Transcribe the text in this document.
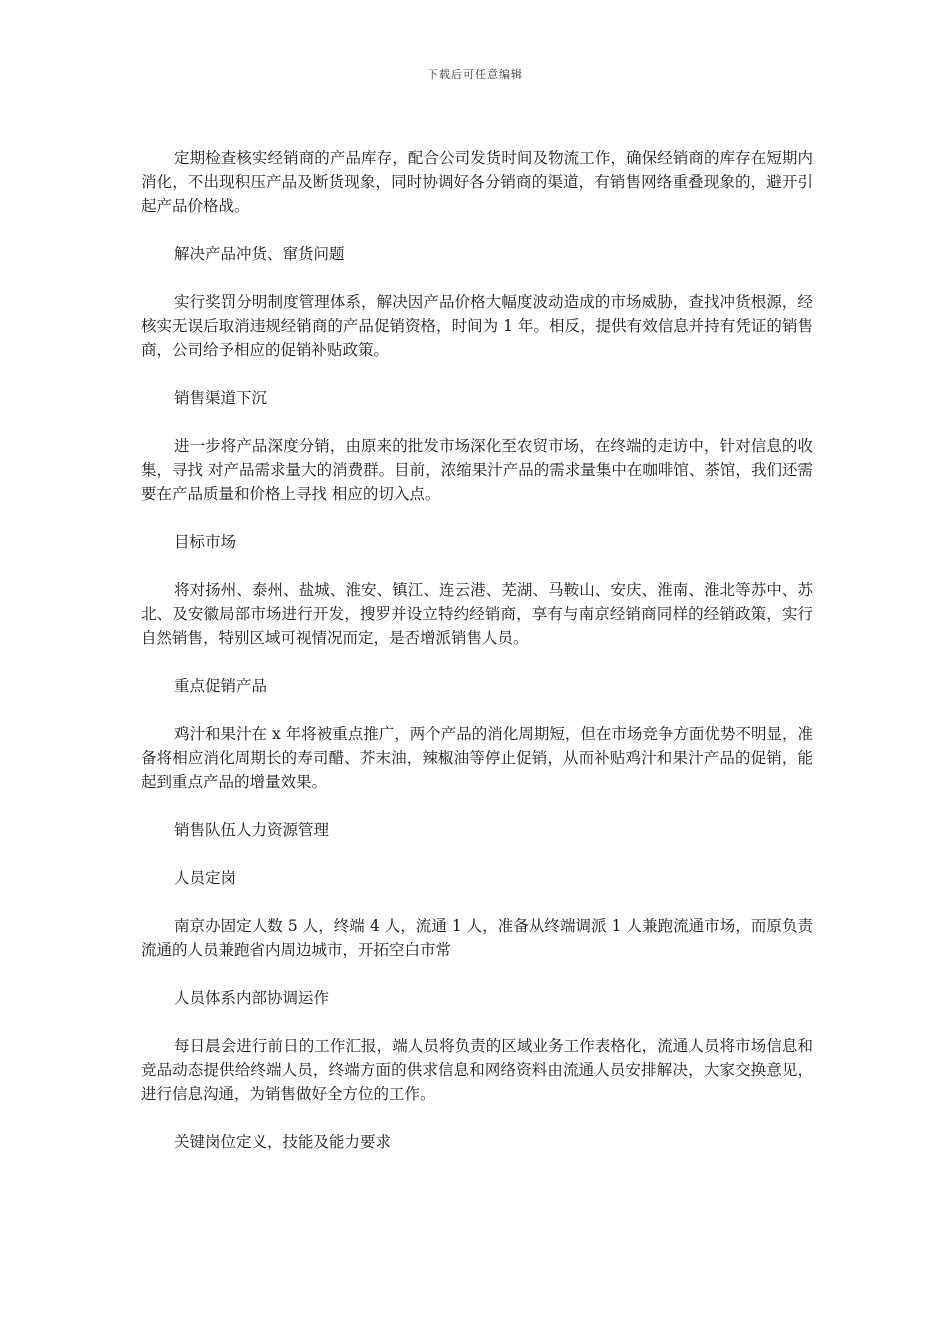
下载后可任意编辑

定期检查核实经销商的产品库存，配合公司发货时间及物流工作，确保经销商的库存在短期内消化，不出现积压产品及断货现象，同时协调好各分销商的渠道，有销售网络重叠现象的，避开引起产品价格战。

解决产品冲货、窜货问题

实行奖罚分明制度管理体系，解决因产品价格大幅度波动造成的市场威胁，查找冲货根源，经核实无误后取消违规经销商的产品促销资格，时间为 1 年。相反，提供有效信息并持有凭证的销售商，公司给予相应的促销补贴政策。

销售渠道下沉

进一步将产品深度分销，由原来的批发市场深化至农贸市场，在终端的走访中，针对信息的收集，寻找 对产品需求量大的消费群。目前，浓缩果汁产品的需求量集中在咖啡馆、茶馆，我们还需要在产品质量和价格上寻找 相应的切入点。

目标市场

将对扬州、泰州、盐城、淮安、镇江、连云港、芜湖、马鞍山、安庆、淮南、淮北等苏中、苏北、及安徽局部市场进行开发，搜罗并设立特约经销商，享有与南京经销商同样的经销政策，实行自然销售，特别区域可视情况而定，是否增派销售人员。

重点促销产品

鸡汁和果汁在 x 年将被重点推广，两个产品的消化周期短，但在市场竞争方面优势不明显，准备将相应消化周期长的寿司醋、芥末油，辣椒油等停止促销，从而补贴鸡汁和果汁产品的促销，能起到重点产品的增量效果。

销售队伍人力资源管理

人员定岗

南京办固定人数 5 人，终端 4 人，流通 1 人，准备从终端调派 1 人兼跑流通市场，而原负责流通的人员兼跑省内周边城市，开拓空白市常

人员体系内部协调运作

每日晨会进行前日的工作汇报，端人员将负责的区域业务工作表格化，流通人员将市场信息和竞品动态提供给终端人员，终端方面的供求信息和网络资料由流通人员安排解决，大家交换意见，进行信息沟通，为销售做好全方位的工作。

关键岗位定义，技能及能力要求
